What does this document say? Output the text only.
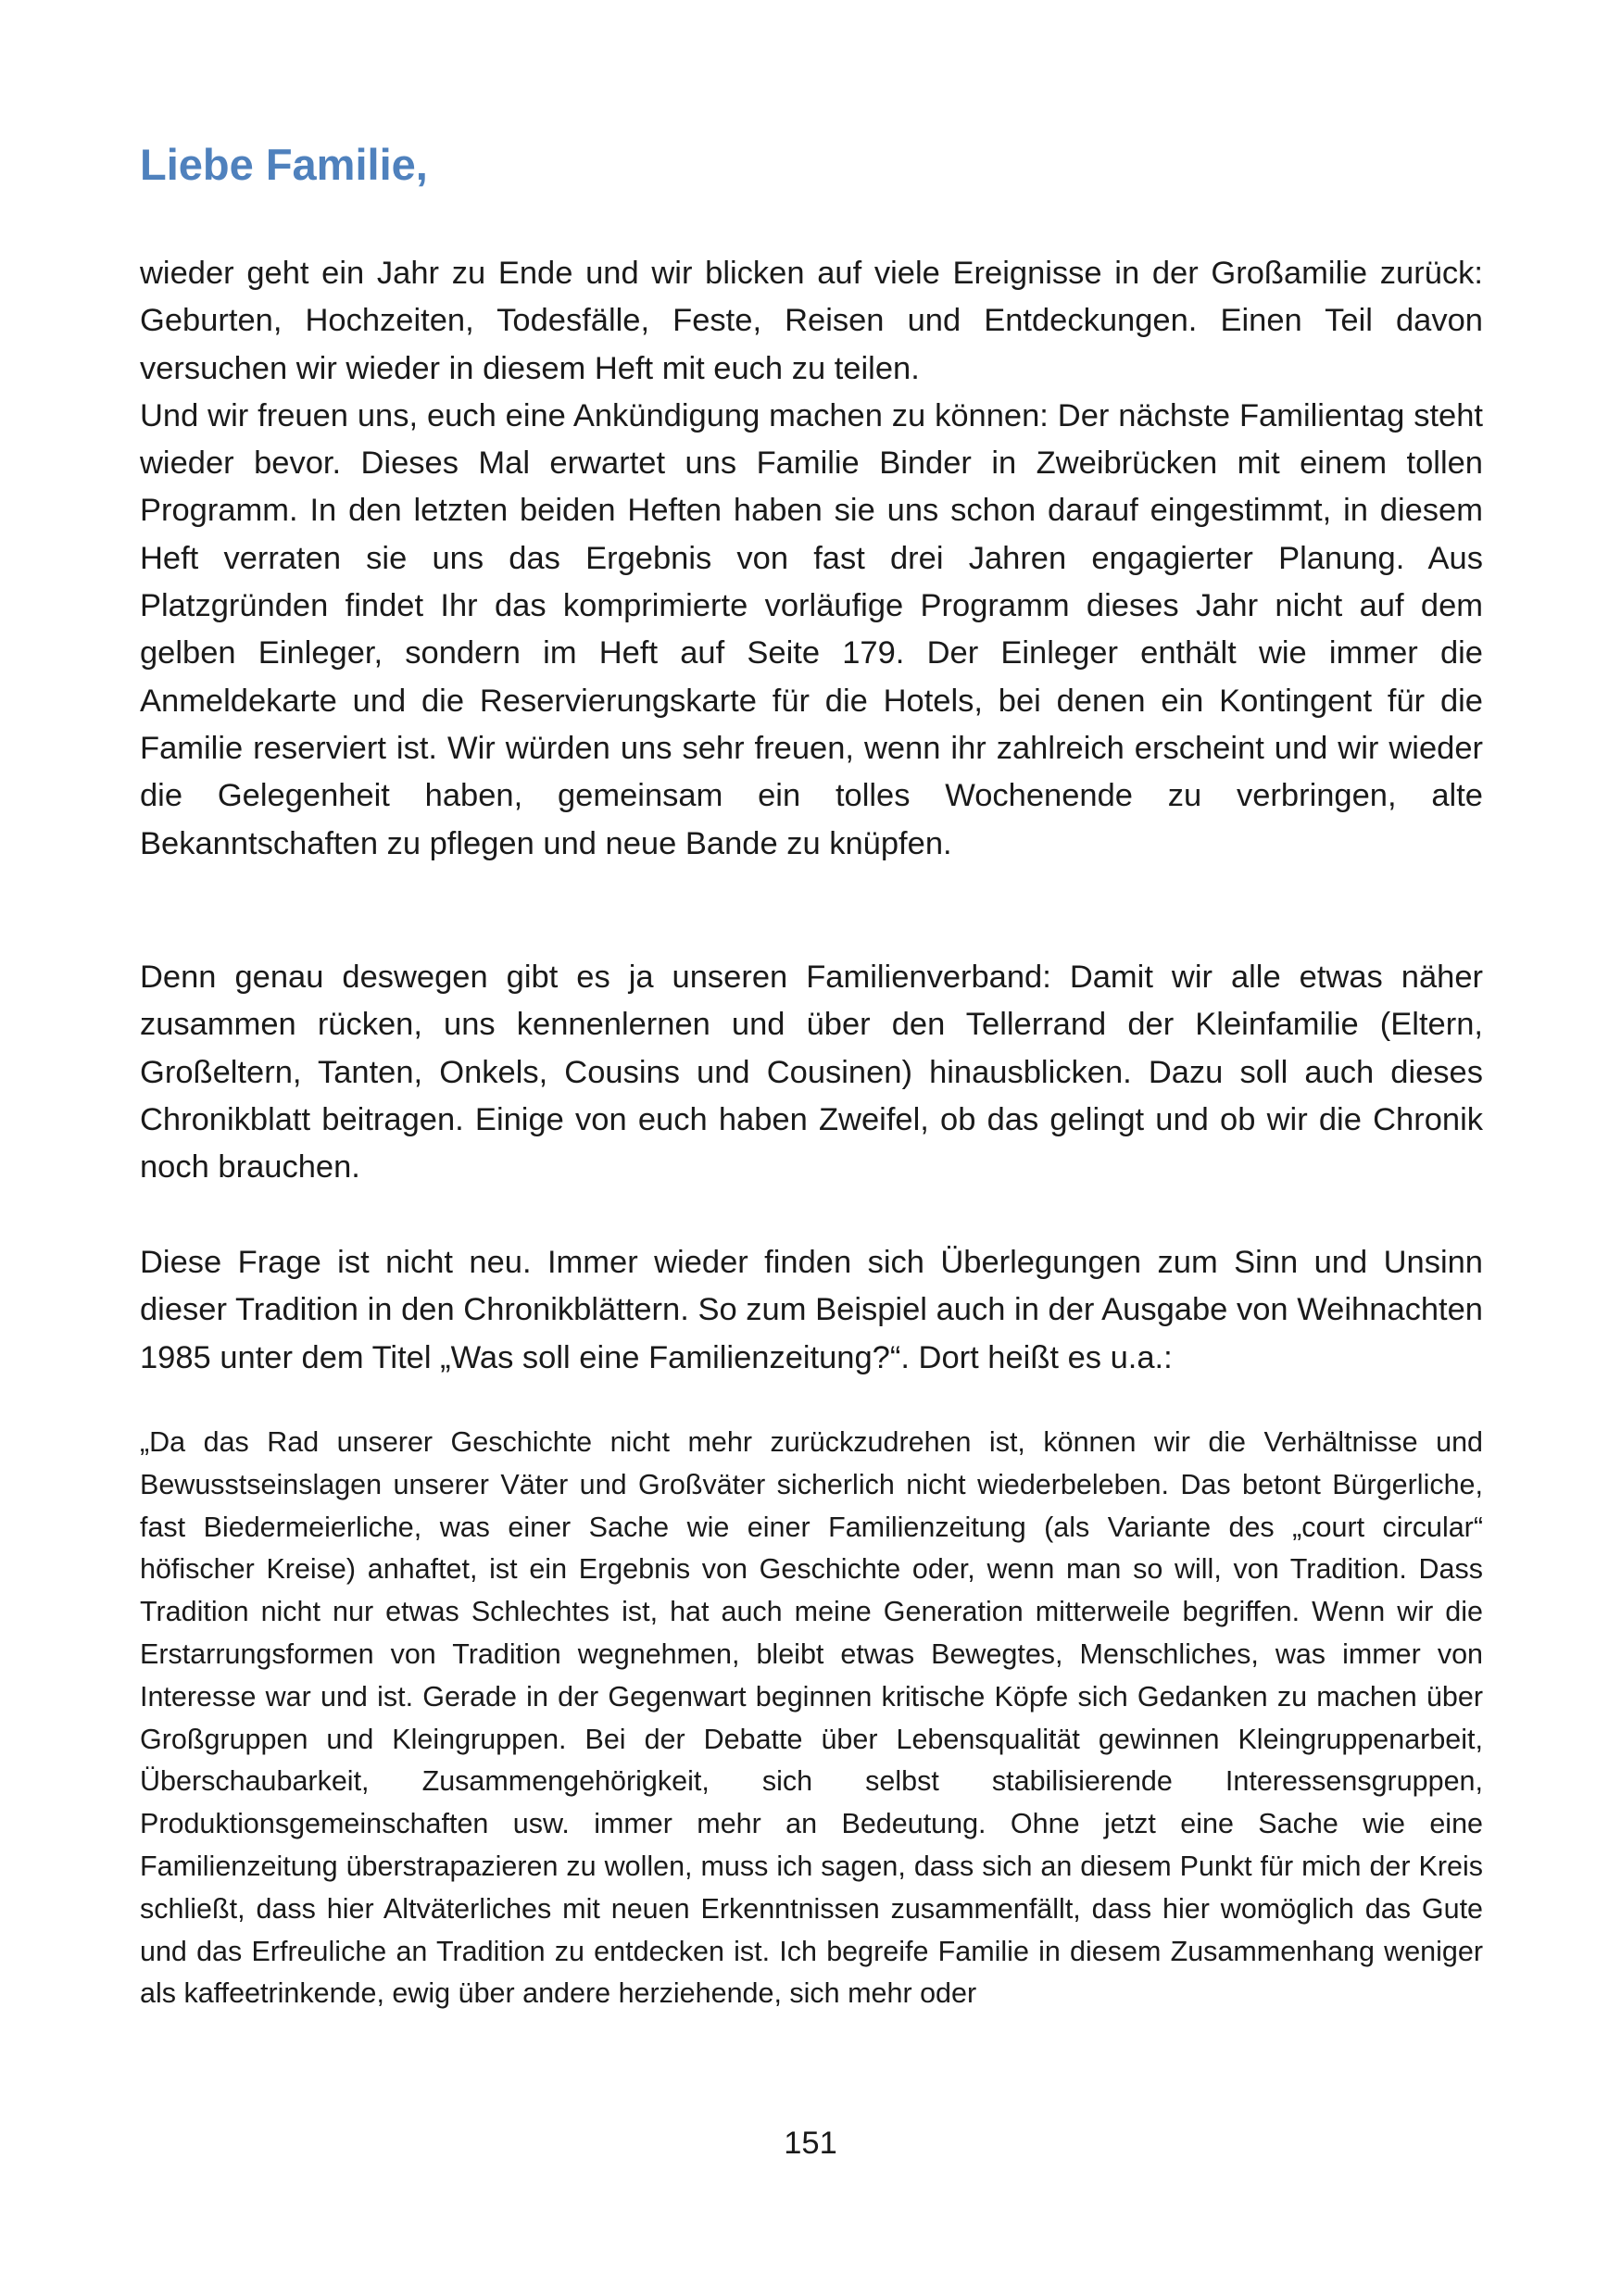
Liebe Familie,

wieder geht ein Jahr zu Ende und wir blicken auf viele Ereignisse in der Großamilie zurück: Geburten, Hochzeiten, Todesfälle, Feste, Reisen und Entdeckungen. Einen Teil davon versuchen wir wieder in diesem Heft mit euch zu teilen.
Und wir freuen uns, euch eine Ankündigung machen zu können: Der nächste Familientag steht wieder bevor. Dieses Mal erwartet uns Familie Binder in Zweibrücken mit einem tollen Programm. In den letzten beiden Heften haben sie uns schon darauf eingestimmt, in diesem Heft verraten sie uns das Ergebnis von fast drei Jahren engagierter Planung. Aus Platzgründen findet Ihr das komprimierte vorläufige Programm dieses Jahr nicht auf dem gelben Einleger, sondern im Heft auf Seite 179. Der Einleger enthält wie immer die Anmeldekarte und die Reservierungskarte für die Hotels, bei denen ein Kontingent für die Familie reserviert ist. Wir würden uns sehr freuen, wenn ihr zahlreich erscheint und wir wieder die Gelegenheit haben, gemeinsam ein tolles Wochenende zu verbringen, alte Bekanntschaften zu pflegen und neue Bande zu knüpfen.

Denn genau deswegen gibt es ja unseren Familienverband: Damit wir alle etwas näher zusammen rücken, uns kennenlernen und über den Tellerrand der Kleinfamilie (Eltern, Großeltern, Tanten, Onkels, Cousins und Cousinen) hinausblicken. Dazu soll auch dieses Chronikblatt beitragen. Einige von euch haben Zweifel, ob das gelingt und ob wir die Chronik noch brauchen.

Diese Frage ist nicht neu. Immer wieder finden sich Überlegungen zum Sinn und Unsinn dieser Tradition in den Chronikblättern. So zum Beispiel auch in der Ausgabe von Weihnachten 1985 unter dem Titel „Was soll eine Familienzeitung?“. Dort heißt es u.a.:

„Da das Rad unserer Geschichte nicht mehr zurückzudrehen ist, können wir die Verhältnisse und Bewusstseinslagen unserer Väter und Großväter sicherlich nicht wiederbeleben. Das betont Bürgerliche, fast Biedermeierliche, was einer Sache wie einer Familienzeitung (als Variante des „court circular“ höfischer Kreise) anhaftet, ist ein Ergebnis von Geschichte oder, wenn man so will, von Tradition. Dass Tradition nicht nur etwas Schlechtes ist, hat auch meine Generation mitterweile begriffen. Wenn wir die Erstarrungsformen von Tradition wegnehmen, bleibt etwas Bewegtes, Menschliches, was immer von Interesse war und ist. Gerade in der Gegenwart beginnen kritische Köpfe sich Gedanken zu machen über Großgruppen und Kleingruppen. Bei der Debatte über Lebensqualität gewinnen Kleingruppenarbeit, Überschaubarkeit, Zusammengehörigkeit, sich selbst stabilisierende Interessensgruppen, Produktionsgemeinschaften usw. immer mehr an Bedeutung. Ohne jetzt eine Sache wie eine Familienzeitung überstrapazieren zu wollen, muss ich sagen, dass sich an diesem Punkt für mich der Kreis schließt, dass hier Altväterliches mit neuen Erkenntnissen zusammenfällt, dass hier womöglich das Gute und das Erfreuliche an Tradition zu entdecken ist. Ich begreife Familie in diesem Zusammenhang weniger als kaffeetrinkende, ewig über andere herziehende, sich mehr oder

151
